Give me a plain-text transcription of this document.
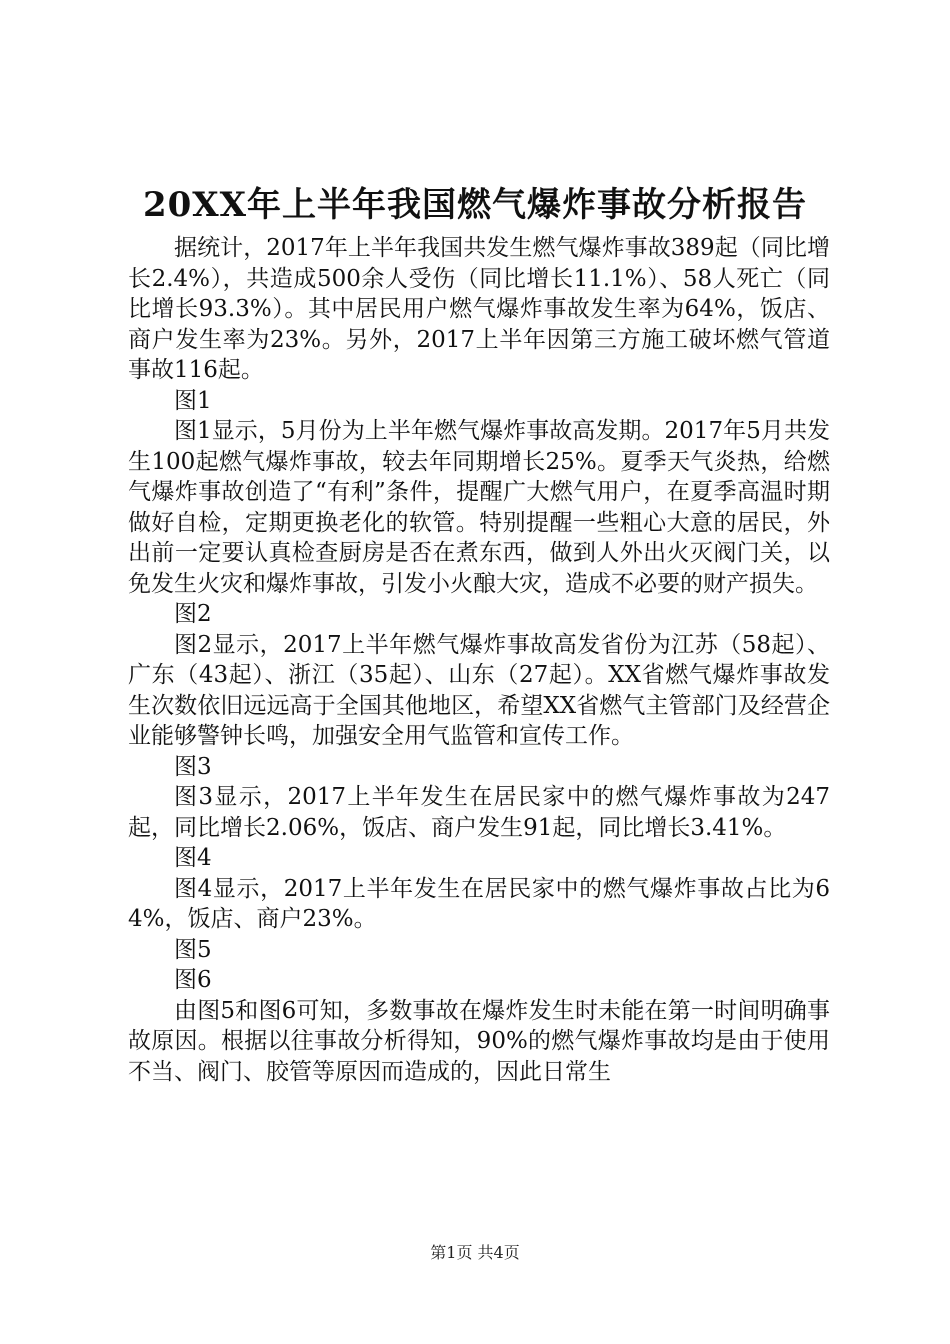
20XX年上半年我国燃气爆炸事故分析报告

据统计，2017年上半年我国共发生燃气爆炸事故389起（同比增长2.4%），共造成500余人受伤（同比增长11.1%）、58人死亡（同比增长93.3%）。其中居民用户燃气爆炸事故发生率为64%，饭店、商户发生率为23%。另外，2017上半年因第三方施工破坏燃气管道事故116起。

图1

图1显示，5月份为上半年燃气爆炸事故高发期。2017年5月共发生100起燃气爆炸事故，较去年同期增长25%。夏季天气炎热，给燃气爆炸事故创造了“有利”条件，提醒广大燃气用户，在夏季高温时期做好自检，定期更换老化的软管。特别提醒一些粗心大意的居民，外出前一定要认真检查厨房是否在煮东西，做到人外出火灭阀门关，以免发生火灾和爆炸事故，引发小火酿大灾，造成不必要的财产损失。

图2

图2显示，2017上半年燃气爆炸事故高发省份为江苏（58起）、广东（43起）、浙江（35起）、山东（27起）。XX省燃气爆炸事故发生次数依旧远远高于全国其他地区，希望XX省燃气主管部门及经营企业能够警钟长鸣，加强安全用气监管和宣传工作。

图3

图3显示，2017上半年发生在居民家中的燃气爆炸事故为247起，同比增长2.06%，饭店、商户发生91起，同比增长3.41%。

图4

图4显示，2017上半年发生在居民家中的燃气爆炸事故占比为64%，饭店、商户23%。

图5

图6

由图5和图6可知，多数事故在爆炸发生时未能在第一时间明确事故原因。根据以往事故分析得知，90%的燃气爆炸事故均是由于使用不当、阀门、胶管等原因而造成的，因此日常生

第1页 共4页
